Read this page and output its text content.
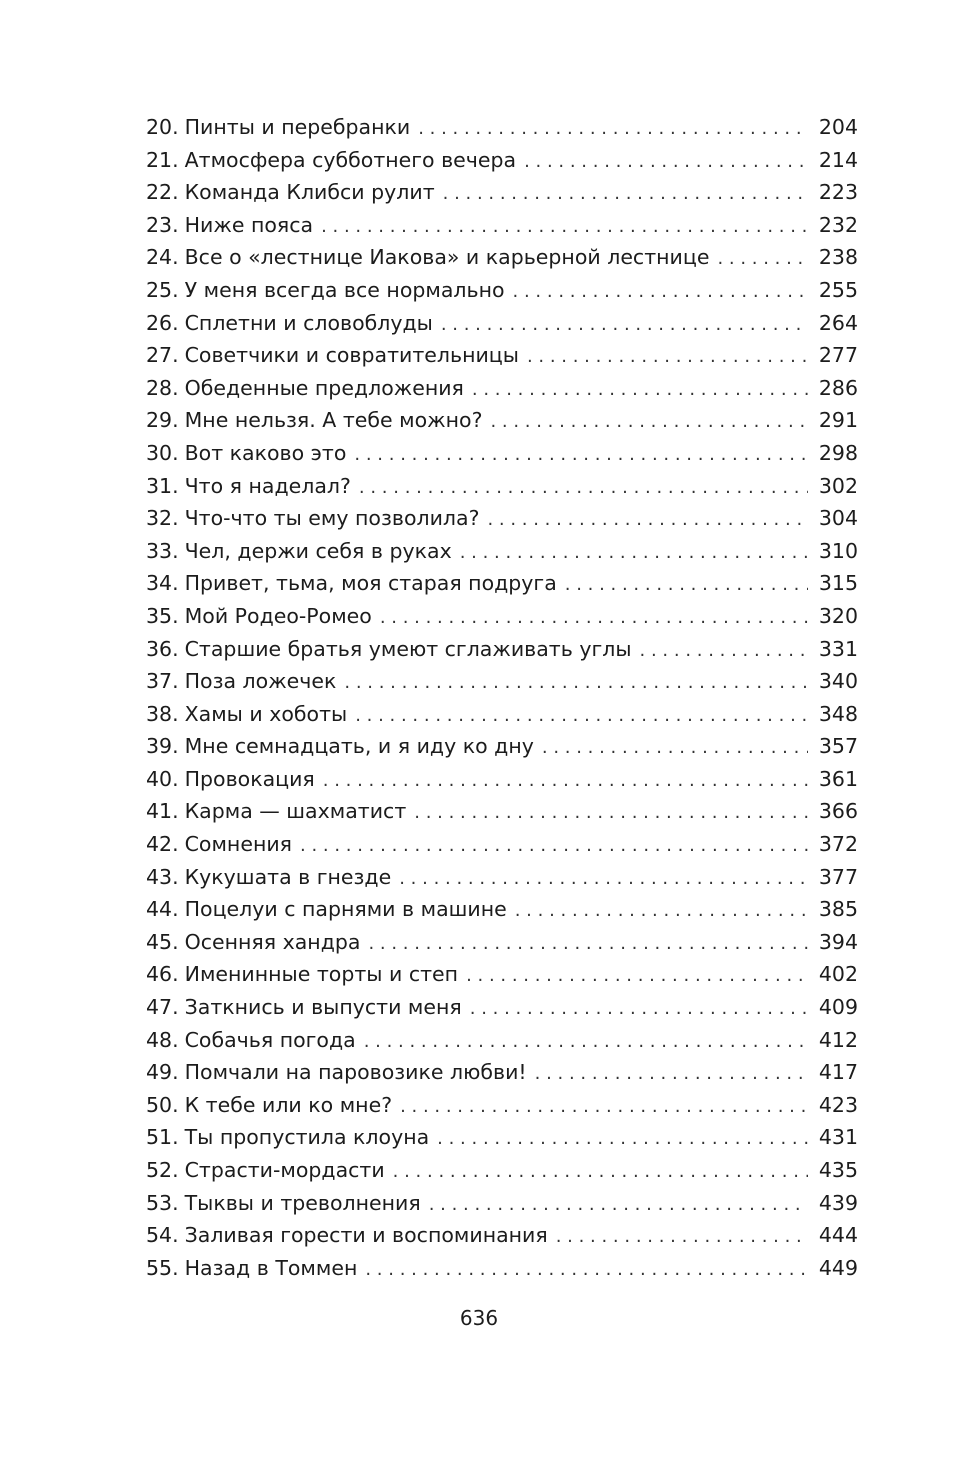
20. Пинты и перебранки . . .	204
21. Атмосфера субботнего вечера . . .	214
22. Команда Клибси рулит . . .	223
23. Ниже пояса . . .	232
24. Все о «лестнице Иакова» и карьерной лестнице . . .	238
25. У меня всегда все нормально . . .	255
26. Сплетни и словоблуды . . .	264
27. Советчики и совратительницы . . .	277
28. Обеденные предложения . . .	286
29. Мне нельзя. А тебе можно? . . .	291
30. Вот каково это . . .	298
31. Что я наделал? . . .	302
32. Что-что ты ему позволила? . . .	304
33. Чел, держи себя в руках . . .	310
34. Привет, тьма, моя старая подруга . . .	315
35. Мой Родео-Ромео . . .	320
36. Старшие братья умеют сглаживать углы . . .	331
37. Поза ложечек . . .	340
38. Хамы и хоботы . . .	348
39. Мне семнадцать, и я иду ко дну . . .	357
40. Провокация . . .	361
41. Карма — шахматист . . .	366
42. Сомнения . . .	372
43. Кукушата в гнезде . . .	377
44. Поцелуи с парнями в машине . . .	385
45. Осенняя хандра . . .	394
46. Именинные торты и степ . . .	402
47. Заткнись и выпусти меня . . .	409
48. Собачья погода . . .	412
49. Помчали на паровозике любви! . . .	417
50. К тебе или ко мне? . . .	423
51. Ты пропустила клоуна . . .	431
52. Страсти-мордасти . . .	435
53. Тыквы и треволнения . . .	439
54. Заливая горести и воспоминания . . .	444
55. Назад в Томмен . . .	449
636
